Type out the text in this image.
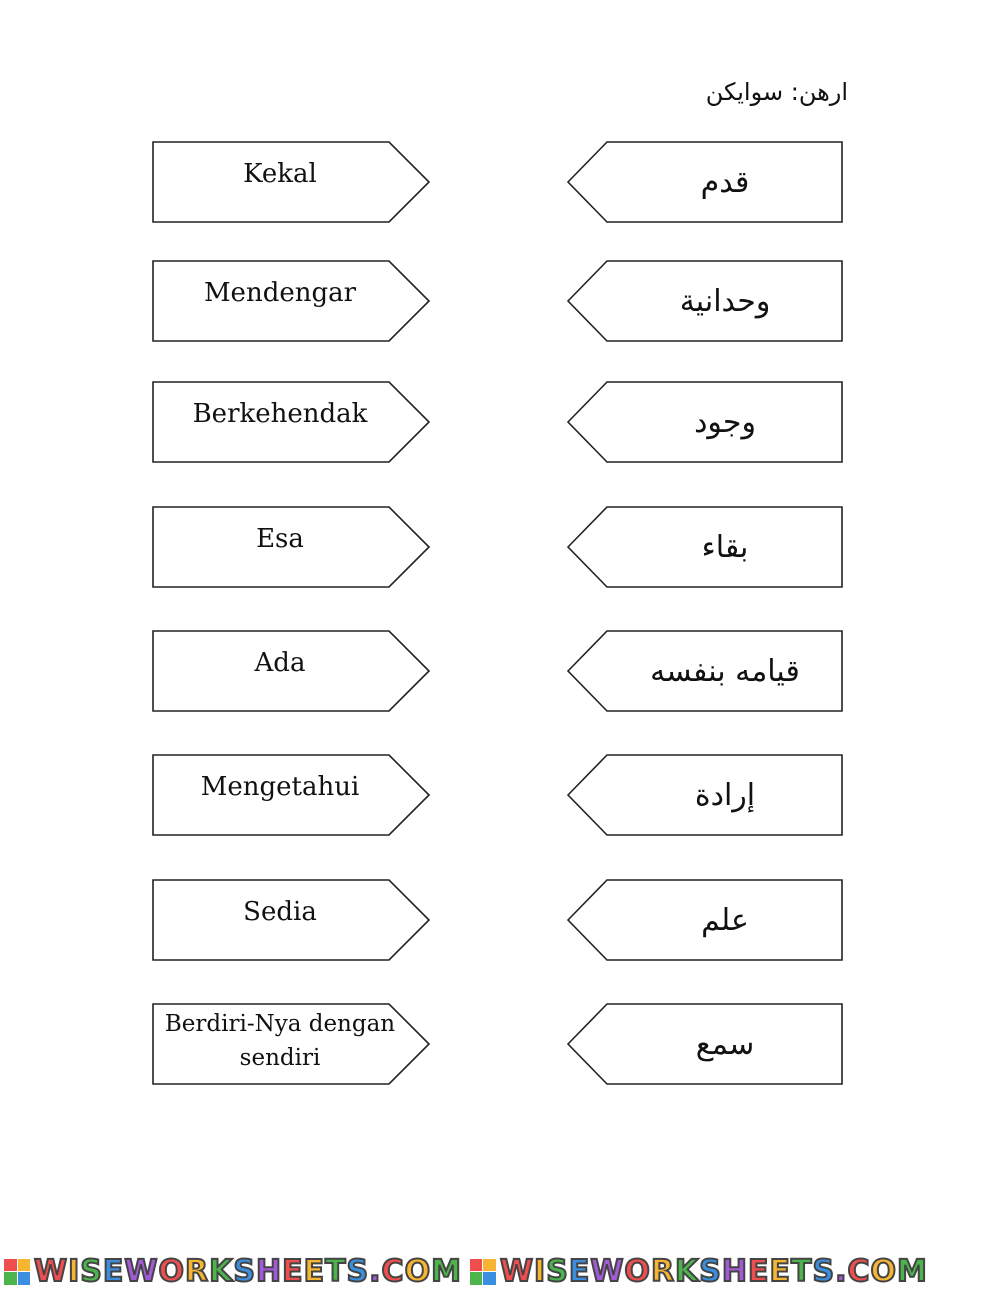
ارهن: سوايكن
Kekal	قدم
Mendengar	وحدانية
Berkehendak	وجود
Esa	بقاء
Ada	قيامه بنفسه
Mengetahui	إرادة
Sedia	علم
Berdiri-Nya dengan sendiri	سمع
WISEWORKSHEETS.COM WISEWORKSHEETS.COM
